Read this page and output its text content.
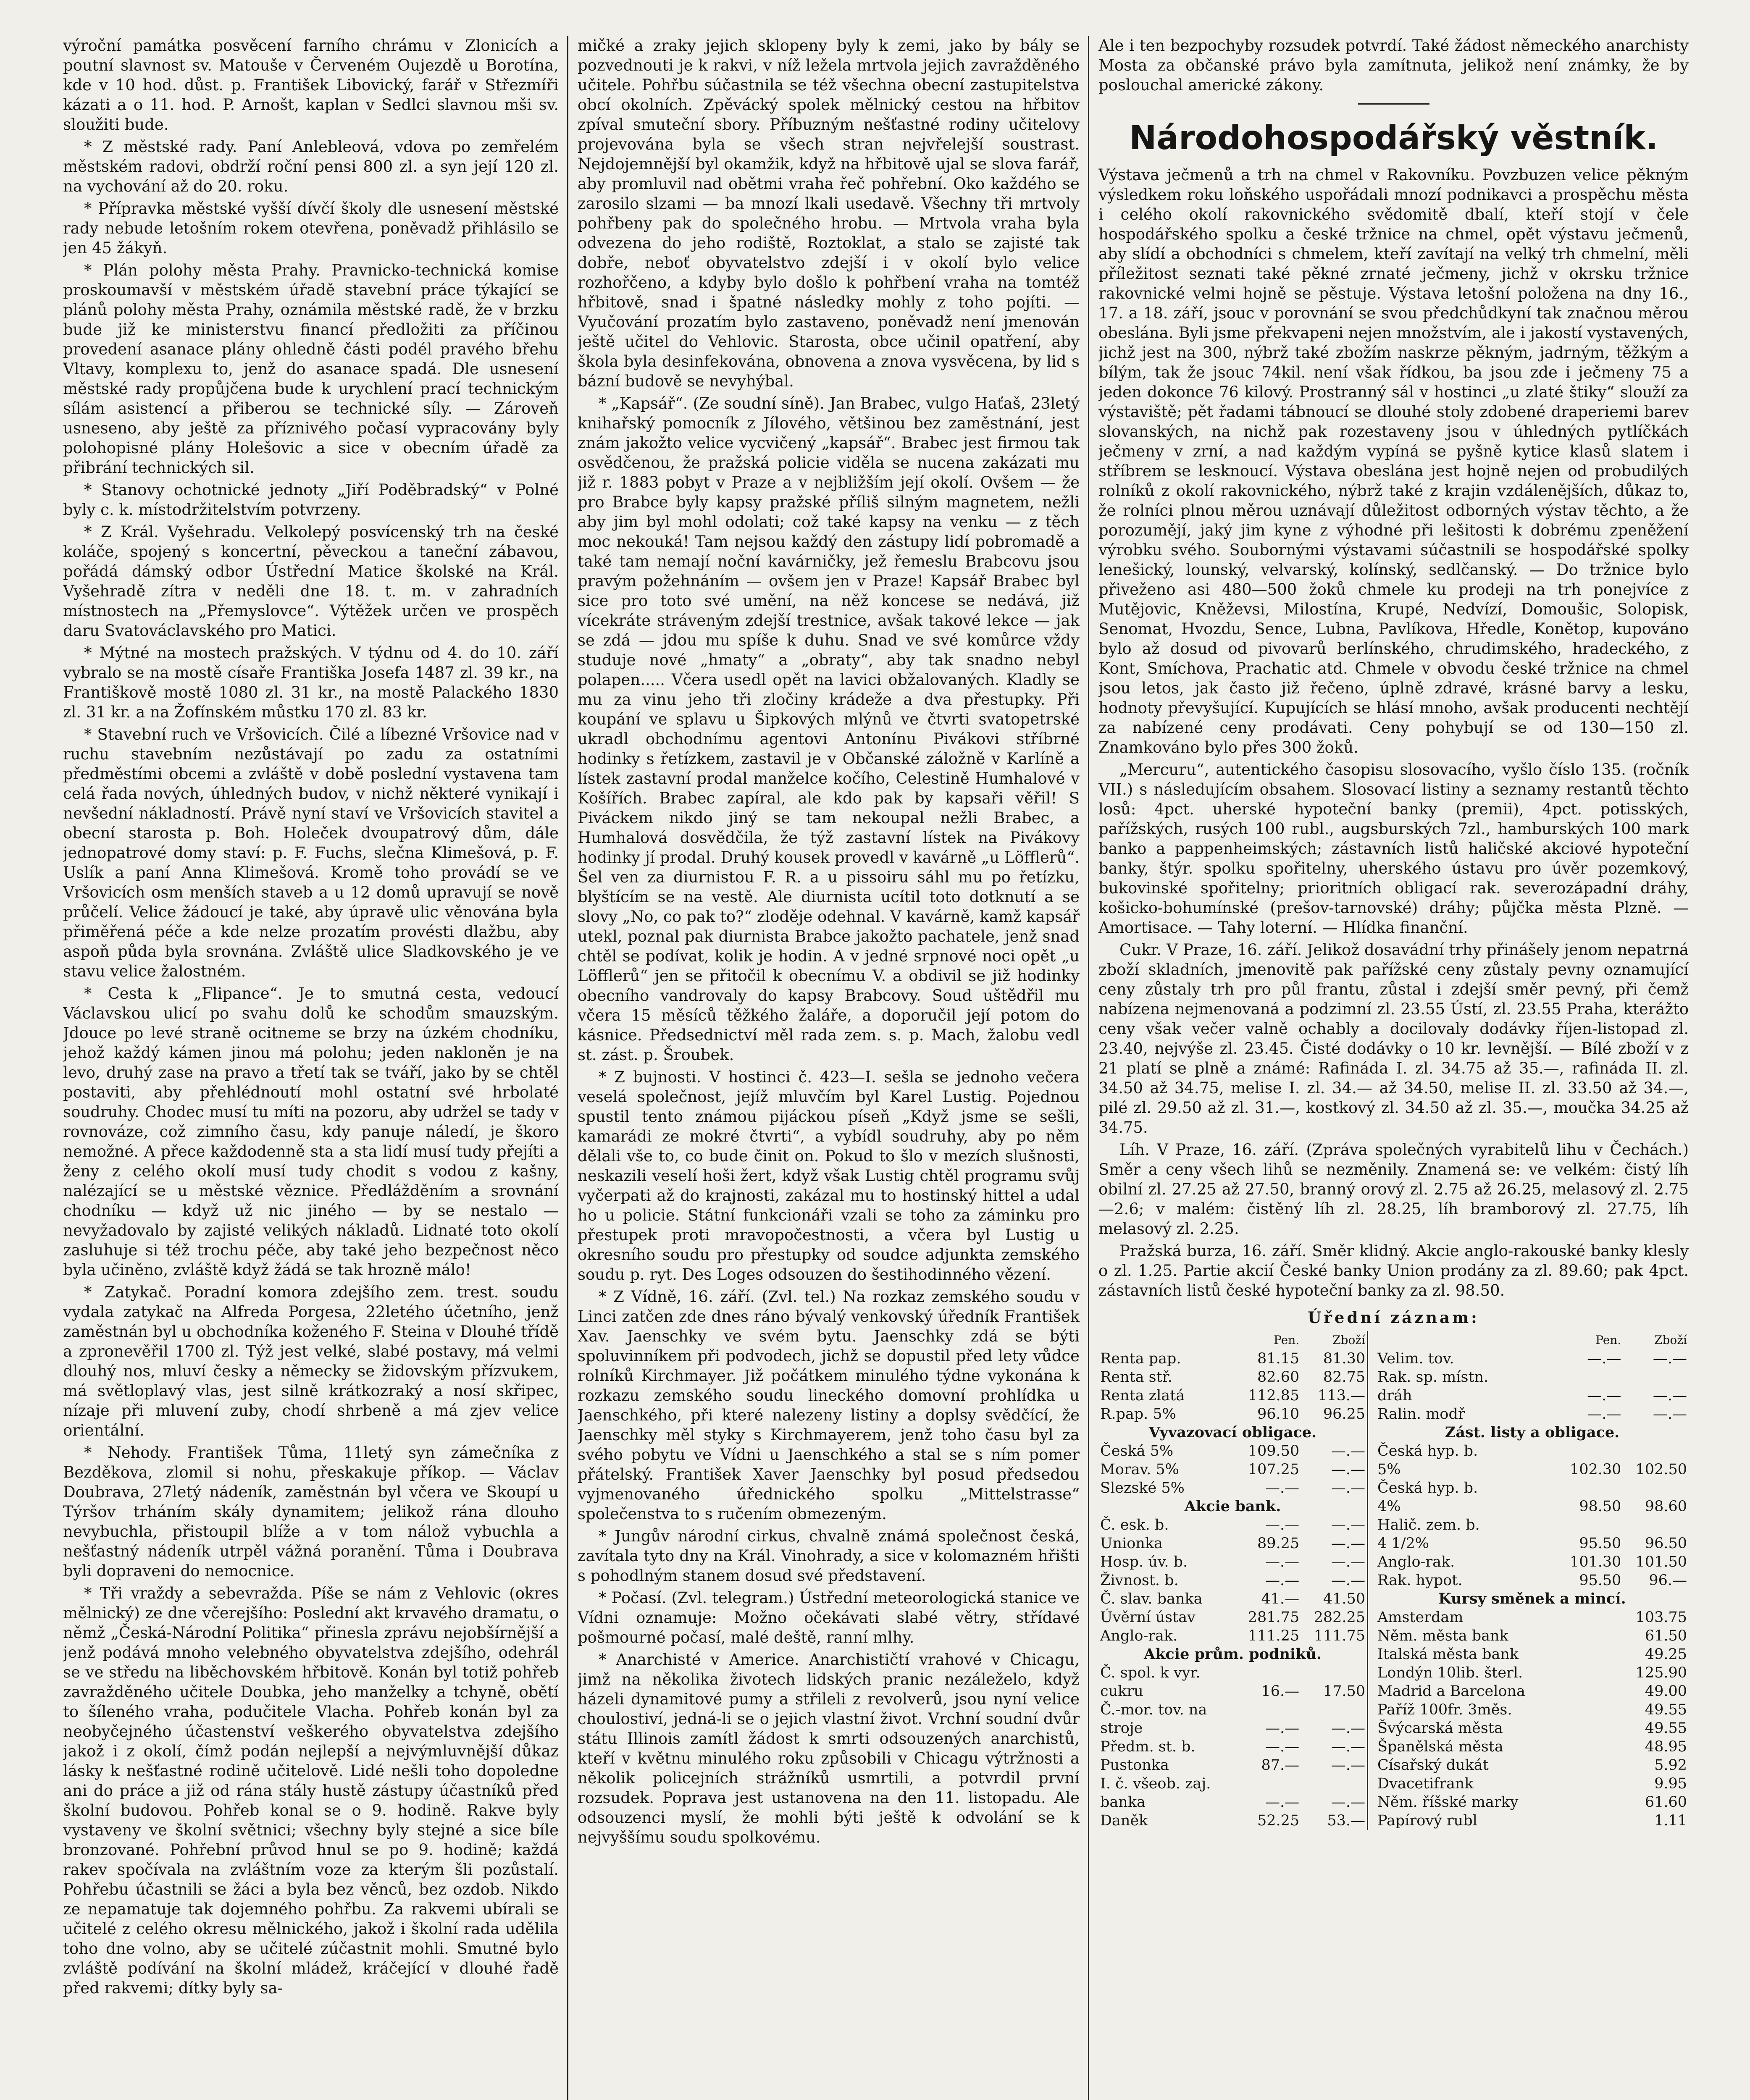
výroční památka posvěcení farního chrámu v Zlonicích a poutní slavnost sv. Matouše v Červeném Oujezdě u Borotína, kde v 10 hod. důst. p. František Libovický, farář v Střezmíři kázati a o 11. hod. P. Arnošt, kaplan v Sedlci slavnou mši sv. sloužiti bude.

* Z městské rady. Paní Anlebleová, vdova po zemřelém městském radovi, obdrží roční pensi 800 zl. a syn její 120 zl. na vychování až do 20. roku.

* Přípravka městské vyšší dívčí školy dle usnesení městské rady nebude letošním rokem otevřena, poněvadž přihlásilo se jen 45 žákyň.

* Plán polohy města Prahy. Pravnicko-technická komise proskoumavší v městském úřadě stavební práce týkající se plánů polohy města Prahy, oznámila městské radě, že v brzku bude již ke ministerstvu financí předložiti za příčinou provedení asanace plány ohledně části podél pravého břehu Vltavy, komplexu to, jenž do asanace spadá. Dle usnesení městské rady propůjčena bude k urychlení prací technickým sílám asistencí a přiberou se technické síly. — Zároveň usneseno, aby ještě za příznivého počasí vypracovány byly polohopisné plány Holešovic a sice v obecním úřadě za přibrání technických sil.

* Stanovy ochotnické jednoty „Jiří Poděbradský“ v Polné byly c. k. místodržitelstvím potvrzeny.

* Z Král. Vyšehradu. Velkolepý posvícenský trh na české koláče, spojený s koncertní, pěveckou a taneční zábavou, pořádá dámský odbor Ústřední Matice školské na Král. Vyšehradě zítra v neděli dne 18. t. m. v zahradních místnostech na „Přemyslovce“. Výtěžek určen ve prospěch daru Svatováclavského pro Matici.

* Mýtné na mostech pražských. V týdnu od 4. do 10. září vybralo se na mostě císaře Františka Josefa 1487 zl. 39 kr., na Františkově mostě 1080 zl. 31 kr., na mostě Palackého 1830 zl. 31 kr. a na Žofínském můstku 170 zl. 83 kr.

* Stavební ruch ve Vršovicích. Čilé a líbezné Vršovice nad v ruchu stavebním nezůstávají po zadu za ostatními předměstími obcemi a zvláště v době poslední vystavena tam celá řada nových, úhledných budov, v nichž některé vynikají i nevšední nákladností. Právě nyní staví ve Vršovicích stavitel a obecní starosta p. Boh. Holeček dvoupatrový dům, dále jednopatrové domy staví: p. F. Fuchs, slečna Klimešová, p. F. Uslík a paní Anna Klimešová. Kromě toho provádí se ve Vršovicích osm menších staveb a u 12 domů upravují se nově průčelí. Velice žádoucí je také, aby úpravě ulic věnována byla přiměřená péče a kde nelze prozatím provésti dlažbu, aby aspoň půda byla srovnána. Zvláště ulice Sladkovského je ve stavu velice žalostném.

* Cesta k „Flipance“. Je to smutná cesta, vedoucí Václavskou ulicí po svahu dolů ke schodům smauzským. Jdouce po levé straně ocitneme se brzy na úzkém chodníku, jehož každý kámen jinou má polohu; jeden nakloněn je na levo, druhý zase na pravo a třetí tak se tváří, jako by se chtěl postaviti, aby přehlédnoutí mohl ostatní své hrbolaté soudruhy. Chodec musí tu míti na pozoru, aby udržel se tady v rovnováze, což zimního času, kdy panuje náledí, je škoro nemožné. A přece každodenně sta a sta lidí musí tudy přejíti a ženy z celého okolí musí tudy chodit s vodou z kašny, nalézající se u městské věznice. Předlážděním a srovnání chodníku — když už nic jiného — by se nestalo — nevyžadovalo by zajisté velikých nákladů. Lidnaté toto okolí zasluhuje si též trochu péče, aby také jeho bezpečnost něco byla učiněno, zvláště když žádá se tak hrozně málo!

* Zatykač. Poradní komora zdejšího zem. trest. soudu vydala zatykač na Alfreda Porgesa, 22letého účetního, jenž zaměstnán byl u obchodníka koženého F. Steina v Dlouhé třídě a zpronevěřil 1700 zl. Týž jest velké, slabé postavy, má velmi dlouhý nos, mluví česky a německy se židovským přízvukem, má světloplavý vlas, jest silně krátkozraký a nosí skřipec, nízaje při mluvení zuby, chodí shrbeně a má zjev velice orientální.

* Nehody. František Tůma, 11letý syn zámečníka z Bezděkova, zlomil si nohu, přeskakuje příkop. — Václav Doubrava, 27letý nádeník, zaměstnán byl včera ve Skoupí u Týršov trháním skály dynamitem; jelikož rána dlouho nevybuchla, přistoupil blíže a v tom nálož vybuchla a nešťastný nádeník utrpěl vážná poranění. Tůma i Doubrava byli dopraveni do nemocnice.

* Tři vraždy a sebevražda. Píše se nám z Vehlovic (okres mělnický) ze dne včerejšího: Poslední akt krvavého dramatu, o němž „Česká-Národní Politika“ přinesla zprávu nejobšírnější a jenž podává mnoho velebného obyvatelstva zdejšího, odehrál se ve středu na liběchovském hřbitově. Konán byl totiž pohřeb zavražděného učitele Doubka, jeho manželky a tchyně, obětí to šíleného vraha, podučitele Vlacha. Pohřeb konán byl za neobyčejného účastenství veškerého obyvatelstva zdejšího jakož i z okolí, čímž podán nejlepší a nejvýmluvnější důkaz lásky k nešťastné rodině učitelově. Lidé nešli toho dopoledne ani do práce a již od rána stály hustě zástupy účastníků před školní budovou. Pohřeb konal se o 9. hodině. Rakve byly vystaveny ve školní světnici; všechny byly stejné a sice bíle bronzované. Pohřební průvod hnul se po 9. hodině; každá rakev spočívala na zvláštním voze za kterým šli pozůstalí. Pohřebu účastnili se žáci a byla bez věnců, bez ozdob. Nikdo ze nepamatuje tak dojemného pohřbu. Za rakvemi ubírali se učitelé z celého okresu mělnického, jakož i školní rada udělila toho dne volno, aby se učitelé zúčastnit mohli. Smutné bylo zvláště podívání na školní mládež, kráčející v dlouhé řadě před rakvemi; dítky byly sa-

mičké a zraky jejich sklopeny byly k zemi, jako by bály se pozvednouti je k rakvi, v níž ležela mrtvola jejich zavražděného učitele. Pohřbu súčastnila se též všechna obecní zastupitelstva obcí okolních. Zpěvácký spolek mělnický cestou na hřbitov zpíval smuteční sbory. Příbuzným nešťastné rodiny učitelovy projevována byla se všech stran nejvřelejší soustrast. Nejdojemnější byl okamžik, když na hřbitově ujal se slova farář, aby promluvil nad obětmi vraha řeč pohřební. Oko každého se zarosilo slzami — ba mnozí lkali usedavě. Všechny tři mrtvoly pohřbeny pak do společného hrobu. — Mrtvola vraha byla odvezena do jeho rodiště, Roztoklat, a stalo se zajisté tak dobře, neboť obyvatelstvo zdejší i v okolí bylo velice rozhořčeno, a kdyby bylo došlo k pohřbení vraha na tomtéž hřbitově, snad i špatné následky mohly z toho pojíti. — Vyučování prozatím bylo zastaveno, poněvadž není jmenován ještě učitel do Vehlovic. Starosta, obce učinil opatření, aby škola byla desinfekována, obnovena a znova vysvěcena, by lid s bázní budově se nevyhýbal.

* „Kapsář“. (Ze soudní síně). Jan Brabec, vulgo Haťaš, 23letý knihařský pomocník z Jílového, většinou bez zaměstnání, jest znám jakožto velice vycvičený „kapsář“. Brabec jest firmou tak osvědčenou, že pražská policie viděla se nucena zakázati mu již r. 1883 pobyt v Praze a v nejbližším její okolí. Ovšem — že pro Brabce byly kapsy pražské příliš silným magnetem, nežli aby jim byl mohl odolati; což také kapsy na venku — z těch moc nekouká! Tam nejsou každý den zástupy lidí pobromadě a také tam nemají noční kavárničky, jež řemeslu Brabcovu jsou pravým požehnáním — ovšem jen v Praze! Kapsář Brabec byl sice pro toto své umění, na něž koncese se nedává, již vícekráte stráveným zdejší trestnice, avšak takové lekce — jak se zdá — jdou mu spíše k duhu. Snad ve své komůrce vždy studuje nové „hmaty“ a „obraty“, aby tak snadno nebyl polapen..... Včera usedl opět na lavici obžalovaných. Kladly se mu za vinu jeho tři zločiny krádeže a dva přestupky. Při koupání ve splavu u Šipkových mlýnů ve čtvrti svatopetrské ukradl obchodnímu agentovi Antonínu Pivákovi stříbrné hodinky s řetízkem, zastavil je v Občanské záložně v Karlíně a lístek zastavní prodal manželce kočího, Celestině Humhalové v Košířích. Brabec zapíral, ale kdo pak by kapsaři věřil! S Piváckem nikdo jiný se tam nekoupal nežli Brabec, a Humhalová dosvědčila, že týž zastavní lístek na Pivákovy hodinky jí prodal. Druhý kousek provedl v kavárně „u Löfflerů“. Šel ven za diurnistou F. R. a u pissoiru sáhl mu po řetízku, blyštícím se na vestě. Ale diurnista ucítil toto dotknutí a se slovy „No, co pak to?“ zloděje odehnal. V kavárně, kamž kapsář utekl, poznal pak diurnista Brabce jakožto pachatele, jenž snad chtěl se podívat, kolik je hodin. A v jedné srpnové noci opět „u Löfflerů“ jen se přitočil k obecnímu V. a obdivil se již hodinky obecního vandrovaly do kapsy Brabcovy. Soud uštědřil mu včera 15 měsíců těžkého žaláře, a doporučil její potom do kásnice. Předsednictví měl rada zem. s. p. Mach, žalobu vedl st. zást. p. Šroubek.

* Z bujnosti. V hostinci č. 423—I. sešla se jednoho večera veselá společnost, jejíž mluvčím byl Karel Lustig. Pojednou spustil tento známou pijáckou píseň „Když jsme se sešli, kamarádi ze mokré čtvrti“, a vybídl soudruhy, aby po něm dělali vše to, co bude činit on. Pokud to šlo v mezích slušnosti, neskazili veselí hoši žert, když však Lustig chtěl programu svůj vyčerpati až do krajnosti, zakázal mu to hostinský hittel a udal ho u policie. Státní funkcionáři vzali se toho za záminku pro přestupek proti mravopočestnosti, a včera byl Lustig u okresního soudu pro přestupky od soudce adjunkta zemského soudu p. ryt. Des Loges odsouzen do šestihodinného vězení.

* Z Vídně, 16. září. (Zvl. tel.) Na rozkaz zemského soudu v Linci zatčen zde dnes ráno bývalý venkovský úředník František Xav. Jaenschky ve svém bytu. Jaenschky zdá se býti spoluvinníkem při podvodech, jichž se dopustil před lety vůdce rolníků Kirchmayer. Již počátkem minulého týdne vykonána k rozkazu zemského soudu lineckého domovní prohlídka u Jaenschkého, při které nalezeny listiny a doplsy svědčící, že Jaenschky měl styky s Kirchmayerem, jenž toho času byl za svého pobytu ve Vídni u Jaenschkého a stal se s ním pomer přátelský. František Xaver Jaenschky byl posud předsedou vyjmenovaného úřednického spolku „Mittelstrasse“ společenstva to s ručením obmezeným.

* Jungův národní cirkus, chvalně známá společnost česká, zavítala tyto dny na Král. Vinohrady, a sice v kolomazném hřišti s pohodlným stanem dosud své představení.

* Počasí. (Zvl. telegram.) Ústřední meteorologická stanice ve Vídni oznamuje: Možno očekávati slabé větry, střídavé pošmourné počasí, malé deště, ranní mlhy.

* Anarchisté v Americe. Anarchističtí vrahové v Chicagu, jimž na několika životech lidských pranic nezáleželo, když házeli dynamitové pumy a střileli z revolverů, jsou nyní velice choulostiví, jedná-li se o jejich vlastní život. Vrchní soudní dvůr státu Illinois zamítl žádost k smrti odsouzených anarchistů, kteří v květnu minulého roku způsobili v Chicagu výtržnosti a několik policejních strážníků usmrtili, a potvrdil první rozsudek. Poprava jest ustanovena na den 11. listopadu. Ale odsouzenci myslí, že mohli býti ještě k odvolání se k nejvyššímu soudu spolkovému.

Ale i ten bezpochyby rozsudek potvrdí. Také žádost německého anarchisty Mosta za občanské právo byla zamítnuta, jelikož není známky, že by poslouchal americké zákony.

Národohospodářský věstník.

Výstava ječmenů a trh na chmel v Rakovníku. Povzbuzen velice pěkným výsledkem roku loňského uspořádali mnozí podnikavci a prospěchu města i celého okolí rakovnického svědomitě dbalí, kteří stojí v čele hospodářského spolku a české tržnice na chmel, opět výstavu ječmenů, aby slídí a obchodníci s chmelem, kteří zavítají na velký trh chmelní, měli příležitost seznati také pěkné zrnaté ječmeny, jichž v okrsku tržnice rakovnické velmi hojně se pěstuje. Výstava letošní položena na dny 16., 17. a 18. září, jsouc v porovnání se svou předchůdkyní tak značnou měrou obeslána. Byli jsme překvapeni nejen množstvím, ale i jakostí vystavených, jichž jest na 300, nýbrž také zbožím naskrze pěkným, jadrným, těžkým a bílým, tak že jsouc 74kil. není však řídkou, ba jsou zde i ječmeny 75 a jeden dokonce 76 kilový. Prostranný sál v hostinci „u zlaté štiky“ slouží za výstaviště; pět řadami tábnoucí se dlouhé stoly zdobené draperiemi barev slovanských, na nichž pak rozestaveny jsou v úhledných pytlíčkách ječmeny v zrní, a nad každým vypíná se pyšně kytice klasů slatem i stříbrem se lesknoucí. Výstava obeslána jest hojně nejen od probudilých rolníků z okolí rakovnického, nýbrž také z krajin vzdálenějších, důkaz to, že rolníci plnou měrou uznávají důležitost odborných výstav těchto, a že porozumějí, jaký jim kyne z výhodné při lešitosti k dobrému zpeněžení výrobku svého. Soubornými výstavami súčastnili se hospodářské spolky lenešický, lounský, velvarský, kolínský, sedlčanský. — Do tržnice bylo přiveženo asi 480—500 žoků chmele ku prodeji na trh ponejvíce z Mutějovic, Kněževsi, Milostína, Krupé, Nedvízí, Domoušic, Solopisk, Senomat, Hvozdu, Sence, Lubna, Pavlíkova, Hředle, Konětop, kupováno bylo až dosud od pivovarů berlínského, chrudimského, hradeckého, z Kont, Smíchova, Prachatic atd. Chmele v obvodu české tržnice na chmel jsou letos, jak často již řečeno, úplně zdravé, krásné barvy a lesku, hodnoty převyšující. Kupujících se hlásí mnoho, avšak producenti nechtějí za nabízené ceny prodávati. Ceny pohybují se od 130—150 zl. Znamkováno bylo přes 300 žoků.

„Mercuru“, autentického časopisu slosovacího, vyšlo číslo 135. (ročník VII.) s následujícím obsahem. Slosovací listiny a seznamy restantů těchto losů: 4pct. uherské hypoteční banky (premii), 4pct. potisských, pařížských, rusých 100 rubl., augsburských 7zl., hamburských 100 mark banko a pappenheimských; zástavních listů haličské akciové hypoteční banky, štýr. spolku spořitelny, uherského ústavu pro úvěr pozemkový, bukovinské spořitelny; prioritních obligací rak. severozápadní dráhy, košicko-bohumínské (prešov-tarnovské) dráhy; půjčka města Plzně. — Amortisace. — Tahy loterní. — Hlídka finanční.

Cukr. V Praze, 16. září. Jelikož dosavádní trhy přinášely jenom nepatrná zboží skladních, jmenovitě pak pařížské ceny zůstaly pevny oznamující ceny zůstaly trh pro půl frantu, zůstal i zdejší směr pevný, při čemž nabízena nejmenovaná a podzimní zl. 23.55 Ústí, zl. 23.55 Praha, kterážto ceny však večer valně ochably a docilovaly dodávky říjen-listopad zl. 23.40, nejvýše zl. 23.45. Čisté dodávky o 10 kr. levnější. — Bílé zboží v z 21 platí se plně a známé: Rafináda I. zl. 34.75 až 35.—, rafináda II. zl. 34.50 až 34.75, melise I. zl. 34.— až 34.50, melise II. zl. 33.50 až 34.—, pilé zl. 29.50 až zl. 31.—, kostkový zl. 34.50 až zl. 35.—, moučka 34.25 až 34.75.

Líh. V Praze, 16. září. (Zpráva společných vyrabitelů lihu v Čechách.) Směr a ceny všech lihů se nezměnily. Znamená se: ve velkém: čistý líh obilní zl. 27.25 až 27.50, branný orový zl. 2.75 až 26.25, melasový zl. 2.75—2.6; v malém: čistěný líh zl. 28.25, líh bramborový zl. 27.75, líh melasový zl. 2.25.

Pražská burza, 16. září. Směr klidný. Akcie anglo-rakouské banky klesly o zl. 1.25. Partie akcií České banky Union prodány za zl. 89.60; pak 4pct. zástavních listů české hypoteční banky za zl. 98.50.

Úřední záznam:
	Pen.	Zboží			Pen.	Zboží
Renta pap.	81.15	81.30		Velim. tov.	—.—	—.—
Renta stř.	82.60	82.75		Rak. sp. místn.		
Renta zlatá	112.85	113.—		dráh	—.—	—.—
R.pap. 5%	96.10	96.25		Ralin. modř	—.—	—.—
Vyvazovací obligace.				Zást. listy a obligace.		
Česká 5%	109.50	—.—		Česká hyp. b.		
Morav. 5%	107.25	—.—		5%	102.30	102.50
Slezské 5%	—.—	—.—		Česká hyp. b.		
Akcie bank.				4%	98.50	98.60
Č. esk. b.	—.—	—.—		Halič. zem. b.		
Unionka	89.25	—.—		4 1/2%	95.50	96.50
Hosp. úv. b.	—.—	—.—		Anglo-rak.	101.30	101.50
Živnost. b.	—.—	—.—		Rak. hypot.	95.50	96.—
Č. slav. banka	41.—	41.50		Kursy směnek a mincí.		
Úvěrní ústav	281.75	282.25		Amsterdam		103.75
Anglo-rak.	111.25	111.75		Něm. města bank		61.50
Akcie prům. podniků.				Italská města bank		49.25
Č. spol. k vyr.				Londýn 10lib. šterl.		125.90
cukru	16.—	17.50		Madrid a Barcelona		49.00
Č.-mor. tov. na				Paříž 100fr. 3měs.		49.55
stroje	—.—	—.—		Švýcarská města		49.55
Předm. st. b.	—.—	—.—		Španělská města		48.95
Pustonka	87.—	—.—		Císařský dukát		5.92
I. č. všeob. zaj.				Dvacetifrank		9.95
banka	—.—	—.—		Něm. říšské marky		61.60
Daněk	52.25	53.—		Papírový rubl		1.11
